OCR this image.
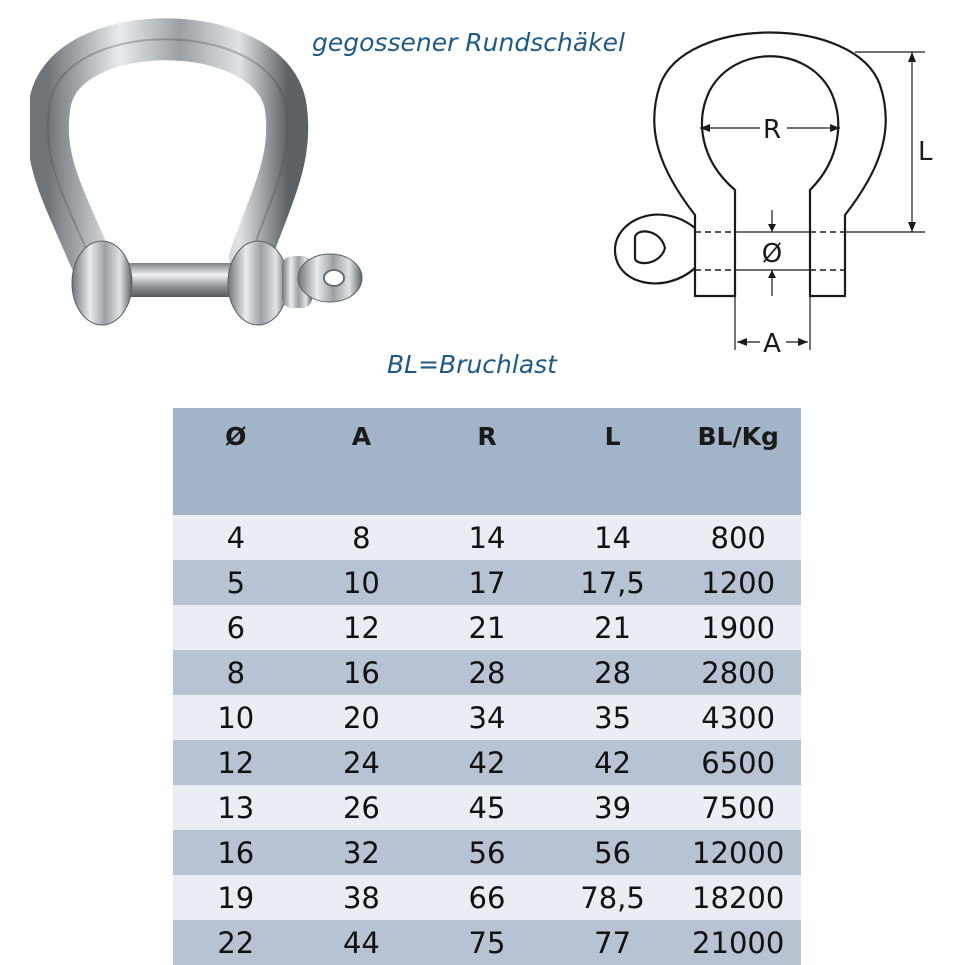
gegossener Rundschäkel
R
L
Ø
A
BL=Bruchlast
Ø	A	R	L	BL/Kg
4	8	14	14	800
5	10	17	17,5	1200
6	12	21	21	1900
8	16	28	28	2800
10	20	34	35	4300
12	24	42	42	6500
13	26	45	39	7500
16	32	56	56	12000
19	38	66	78,5	18200
22	44	75	77	21000
